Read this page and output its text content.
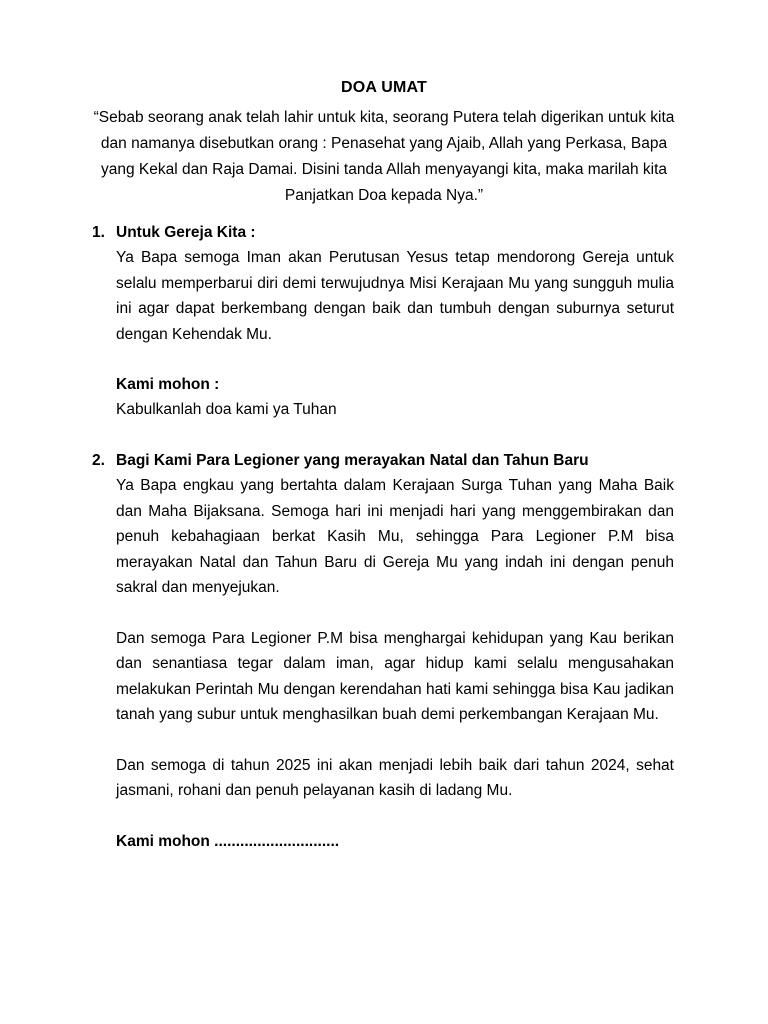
DOA UMAT

“Sebab seorang anak telah lahir untuk kita, seorang Putera telah digerikan untuk kita dan namanya disebutkan orang : Penasehat yang Ajaib, Allah yang Perkasa, Bapa yang Kekal dan Raja Damai. Disini tanda Allah menyayangi kita, maka marilah kita Panjatkan Doa kepada Nya.”

1. Untuk Gereja Kita :

Ya Bapa semoga Iman akan Perutusan Yesus tetap mendorong Gereja untuk selalu memperbarui diri demi terwujudnya Misi Kerajaan Mu yang sungguh mulia ini agar dapat berkembang dengan baik dan tumbuh dengan suburnya seturut dengan Kehendak Mu.

Kami mohon :
Kabulkanlah doa kami ya Tuhan
2. Bagi Kami Para Legioner yang merayakan Natal dan Tahun Baru

Ya Bapa engkau yang bertahta dalam Kerajaan Surga Tuhan yang Maha Baik dan Maha Bijaksana. Semoga hari ini menjadi hari yang menggembirakan dan penuh kebahagiaan berkat Kasih Mu, sehingga Para Legioner P.M bisa merayakan Natal dan Tahun Baru di Gereja Mu yang indah ini dengan penuh sakral dan menyejukan.

Dan semoga Para Legioner P.M bisa menghargai kehidupan yang Kau berikan dan senantiasa tegar dalam iman, agar hidup kami selalu mengusahakan melakukan Perintah Mu dengan kerendahan hati kami sehingga bisa Kau jadikan tanah yang subur untuk menghasilkan buah demi perkembangan Kerajaan Mu.

Dan semoga di tahun 2025 ini akan menjadi lebih baik dari tahun 2024, sehat jasmani, rohani dan penuh pelayanan kasih di ladang Mu.

Kami mohon .............................
